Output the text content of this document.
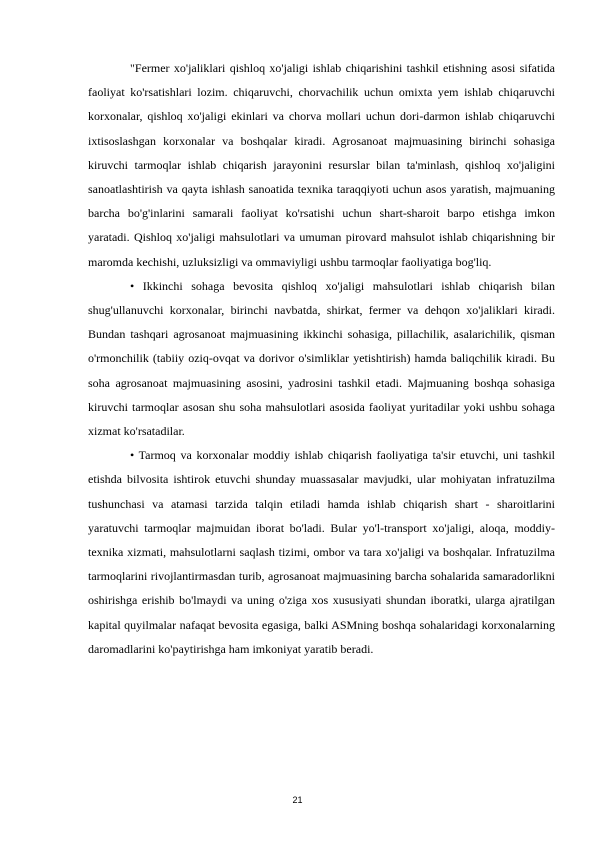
"Fermer xo'jaliklari qishloq xo'jaligi ishlab chiqarishini tashkil etishning asosi sifatida faoliyat ko'rsatishlari lozim. chiqaruvchi, chorvachilik uchun omixta yem ishlab chiqaruvchi korxonalar, qishloq xo'jaligi ekinlari va chorva mollari uchun dori-darmon ishlab chiqaruvchi ixtisoslashgan korxonalar va boshqalar kiradi. Agrosanoat majmuasining birinchi sohasiga kiruvchi tarmoqlar ishlab chiqarish jarayonini resurslar bilan ta'minlash, qishloq xo'jaligini sanoatlashtirish va qayta ishlash sanoatida texnika taraqqiyoti uchun asos yaratish, majmuaning barcha bo'g'inlarini samarali faoliyat ko'rsatishi uchun shart-sharoit barpo etishga imkon yaratadi. Qishloq xo'jaligi mahsulotlari va umuman pirovard mahsulot ishlab chiqarishning bir maromda kechishi, uzluksizligi va ommaviyligi ushbu tarmoqlar faoliyatiga bog'liq.

• Ikkinchi sohaga bevosita qishloq xo'jaligi mahsulotlari ishlab chiqarish bilan shug'ullanuvchi korxonalar, birinchi navbatda, shirkat, fermer va dehqon xo'jaliklari kiradi. Bundan tashqari agrosanoat majmuasining ikkinchi sohasiga, pillachilik, asalarichilik, qisman o'rmonchilik (tabiiy oziq-ovqat va dorivor o'simliklar yetishtirish) hamda baliqchilik kiradi. Bu soha agrosanoat majmuasining asosini, yadrosini tashkil etadi. Majmuaning boshqa sohasiga kiruvchi tarmoqlar asosan shu soha mahsulotlari asosida faoliyat yuritadilar yoki ushbu sohaga xizmat ko'rsatadilar.

• Tarmoq va korxonalar moddiy ishlab chiqarish faoliyatiga ta'sir etuvchi, uni tashkil etishda bilvosita ishtirok etuvchi shunday muassasalar mavjudki, ular mohiyatan infratuzilma tushunchasi va atamasi tarzida talqin etiladi hamda ishlab chiqarish shart - sharoitlarini yaratuvchi tarmoqlar majmuidan iborat bo'ladi. Bular yo'l-transport xo'jaligi, aloqa, moddiy-texnika xizmati, mahsulotlarni saqlash tizimi, ombor va tara xo'jaligi va boshqalar. Infratuzilma tarmoqlarini rivojlantirmasdan turib, agrosanoat majmuasining barcha sohalarida samaradorlikni oshirishga erishib bo'lmaydi va uning o'ziga xos xususiyati shundan iboratki, ularga ajratilgan kapital quyilmalar nafaqat bevosita egasiga, balki ASMning boshqa sohalaridagi korxonalarning daromadlarini ko'paytirishga ham imkoniyat yaratib beradi.

21
